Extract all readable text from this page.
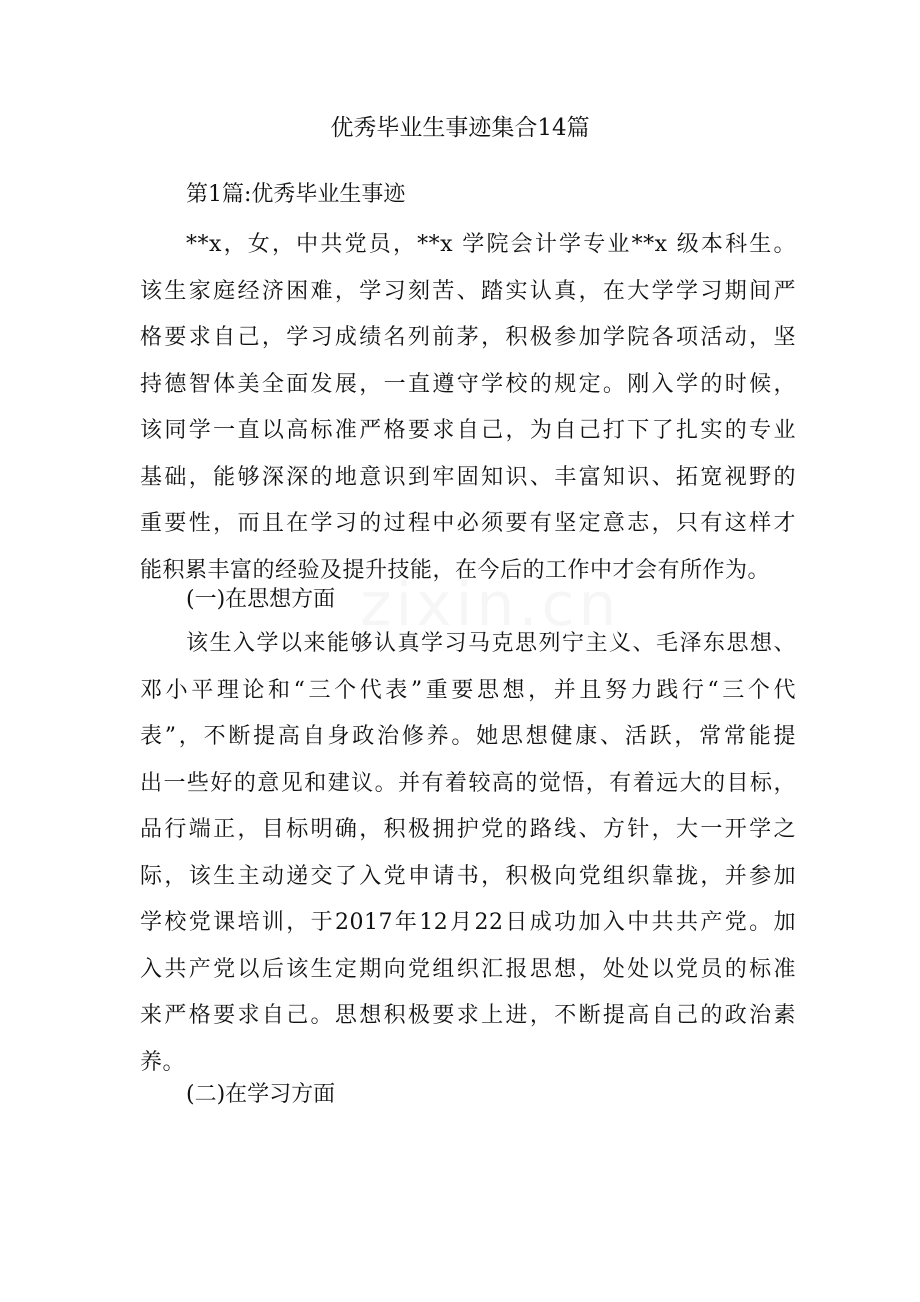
优秀毕业生事迹集合14篇
第1篇:优秀毕业生事迹
**x，女，中共党员，**x 学院会计学专业**x 级本科生。
该生家庭经济困难，学习刻苦、踏实认真，在大学学习期间严
格要求自己，学习成绩名列前茅，积极参加学院各项活动，坚
持德智体美全面发展，一直遵守学校的规定。刚入学的时候，
该同学一直以高标准严格要求自己，为自己打下了扎实的专业
基础，能够深深的地意识到牢固知识、丰富知识、拓宽视野的
重要性，而且在学习的过程中必须要有坚定意志，只有这样才
能积累丰富的经验及提升技能，在今后的工作中才会有所作为。
(一)在思想方面
该生入学以来能够认真学习马克思列宁主义、毛泽东思想、
邓小平理论和“三个代表”重要思想，并且努力践行“三个代
表”，不断提高自身政治修养。她思想健康、活跃，常常能提
出一些好的意见和建议。并有着较高的觉悟，有着远大的目标，
品行端正，目标明确，积极拥护党的路线、方针，大一开学之
际，该生主动递交了入党申请书，积极向党组织靠拢，并参加
学校党课培训，于2017年12月22日成功加入中共共产党。加
入共产党以后该生定期向党组织汇报思想，处处以党员的标准
来严格要求自己。思想积极要求上进，不断提高自己的政治素
养。
(二)在学习方面
